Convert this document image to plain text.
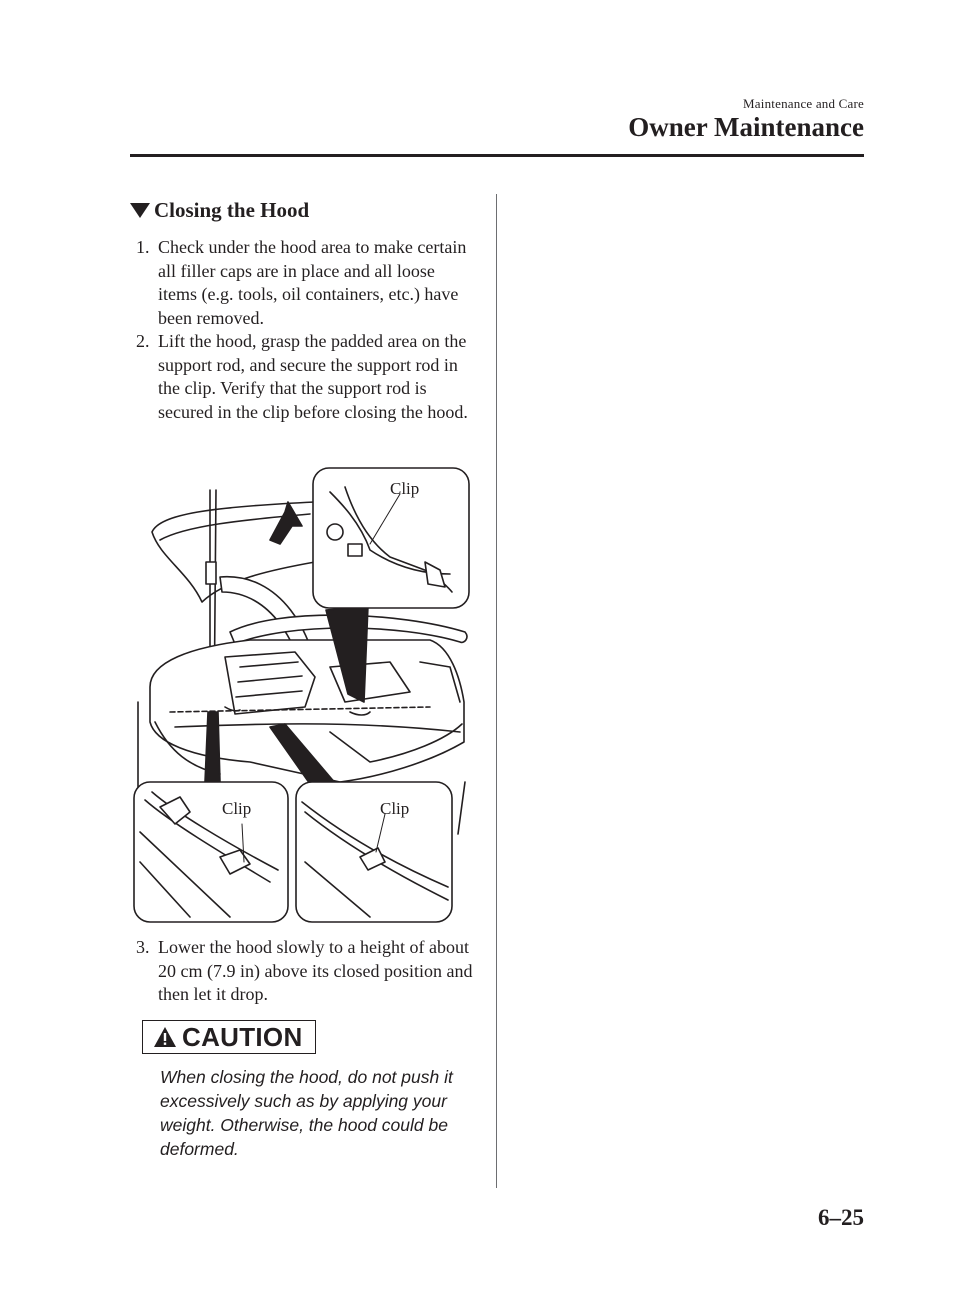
Maintenance and Care
Owner Maintenance
Closing the Hood

1. Check under the hood area to make certain all filler caps are in place and all loose items (e.g. tools, oil containers, etc.) have been removed.

2. Lift the hood, grasp the padded area on the support rod, and secure the support rod in the clip. Verify that the support rod is secured in the clip before closing the hood.

Clip
Clip	Clip

3. Lower the hood slowly to a height of about 20 cm (7.9 in) above its closed position and then let it drop.

CAUTION
When closing the hood, do not push it excessively such as by applying your weight. Otherwise, the hood could be deformed.
6–25
